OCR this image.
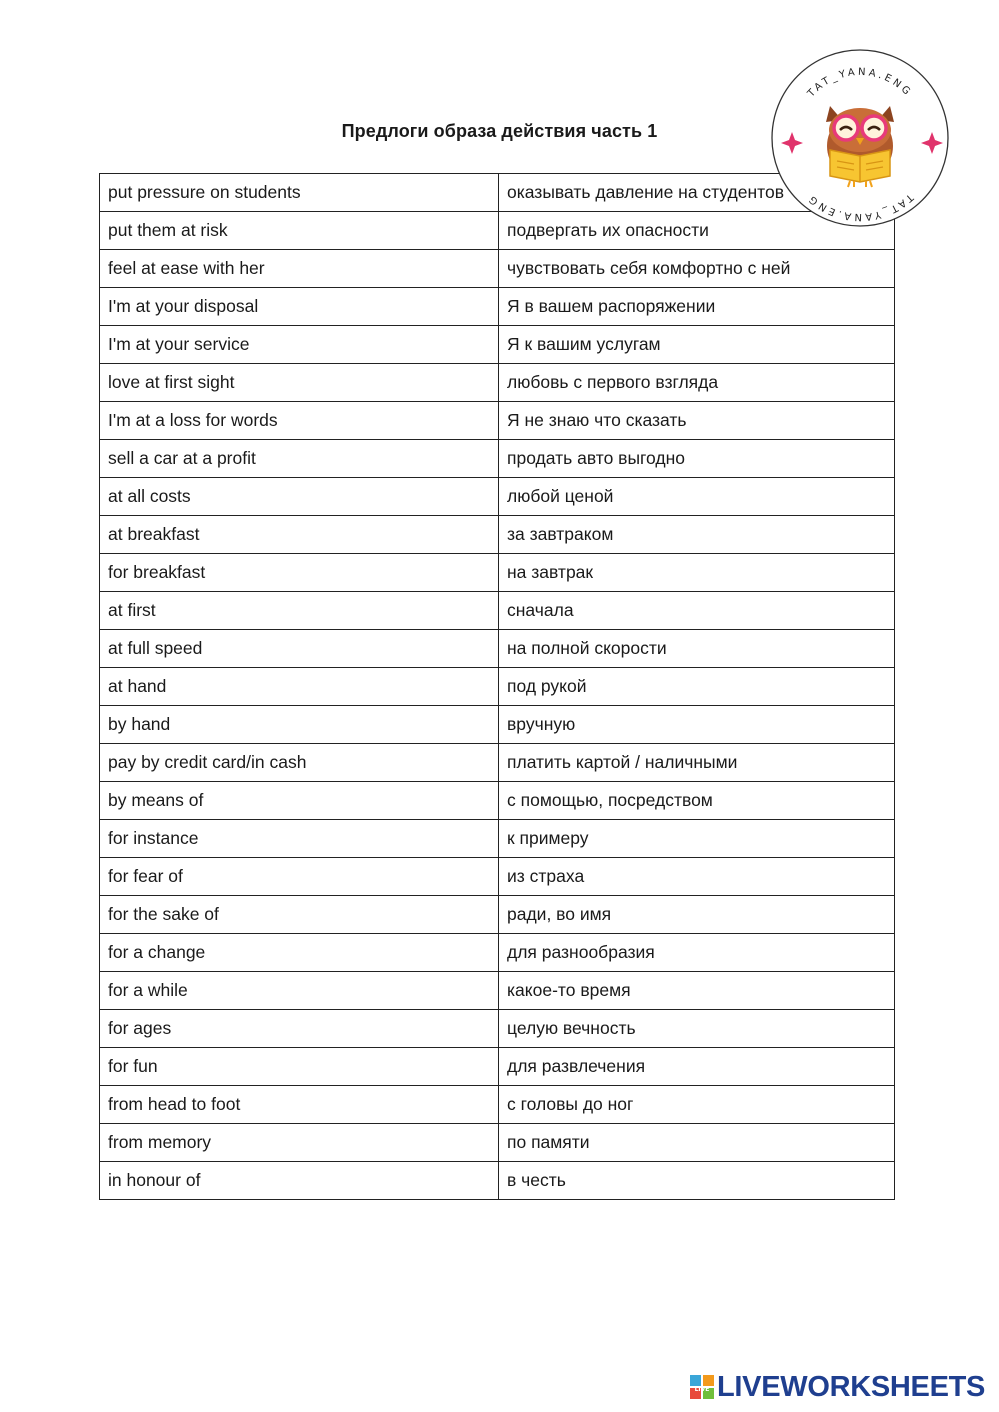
Предлоги образа действия часть 1
put pressure on students	оказывать давление на студентов
put them at risk	подвергать их опасности
feel at ease with her	чувствовать себя комфортно с ней
I'm at your disposal	Я в вашем распоряжении
I'm at your service	Я к вашим услугам
love at first sight	любовь с первого взгляда
I'm at a loss for words	Я не знаю что сказать
sell a car at a profit	продать авто выгодно
at all costs	любой ценой
at breakfast	за завтраком
for breakfast	на завтрак
at first	сначала
at full speed	на полной скорости
at hand	под рукой
by hand	вручную
pay by credit card/in cash	платить картой / наличными
by means of	с помощью, посредством
for instance	к примеру
for fear of	из страха
for the sake of	ради, во имя
for a change	для разнообразия
for a while	какое-то время
for ages	целую вечность
for fun	для развлечения
from head to foot	с головы до ног
from memory	по памяти
in honour of	в честь
TAT_YANA.ENG
TAT_YANA.ENG
LIVE LIVEWORKSHEETS
